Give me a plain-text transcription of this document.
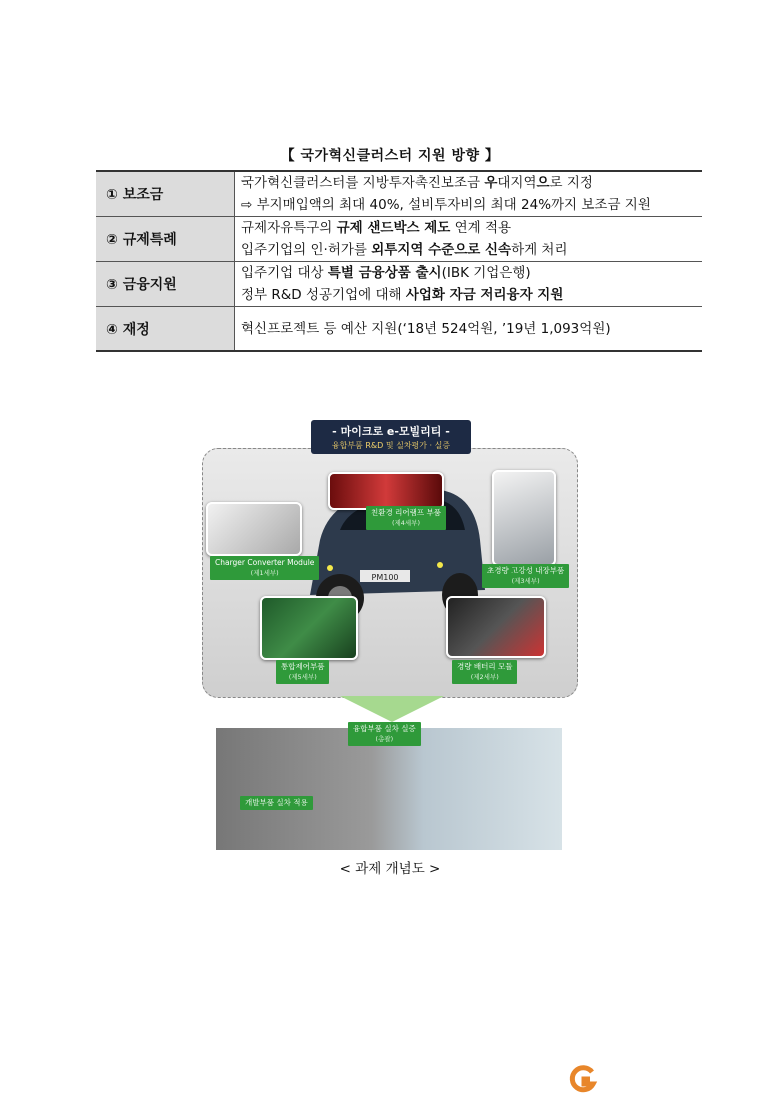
【 국가혁신클러스터 지원 방향 】
① 보조금	국가혁신클러스터를 지방투자촉진보조금 우대지역으로 지정
⇨ 부지매입액의 최대 40%, 설비투자비의 최대 24%까지 보조금 지원

② 규제특례	규제자유특구의 규제 샌드박스 제도 연계 적용
입주기업의 인·허가를 외투지역 수준으로 신속하게 처리

③ 금융지원	입주기업 대상 특별 금융상품 출시(IBK 기업은행)
정부 R&D 성공기업에 대해 사업화 자금 저리융자 지원

④ 재정	혁신프로젝트 등 예산 지원(‘18년 524억원, ’19년 1,093억원)
PM100
친환경 리어램프 부품
(제4세부)
Charger Converter Module
(제1세부)	초경량 고강성 내장부품
(제3세부)
통합제어부품
(제5세부)
경량 배터리 모듈
(제2세부)
- 마이크로 e-모빌리티 -
융합부품 R&D 및 실차평가 · 실증
융합부품 실차 실증
(총괄)
개발부품 실차 적용
< 과제 개념도 >
